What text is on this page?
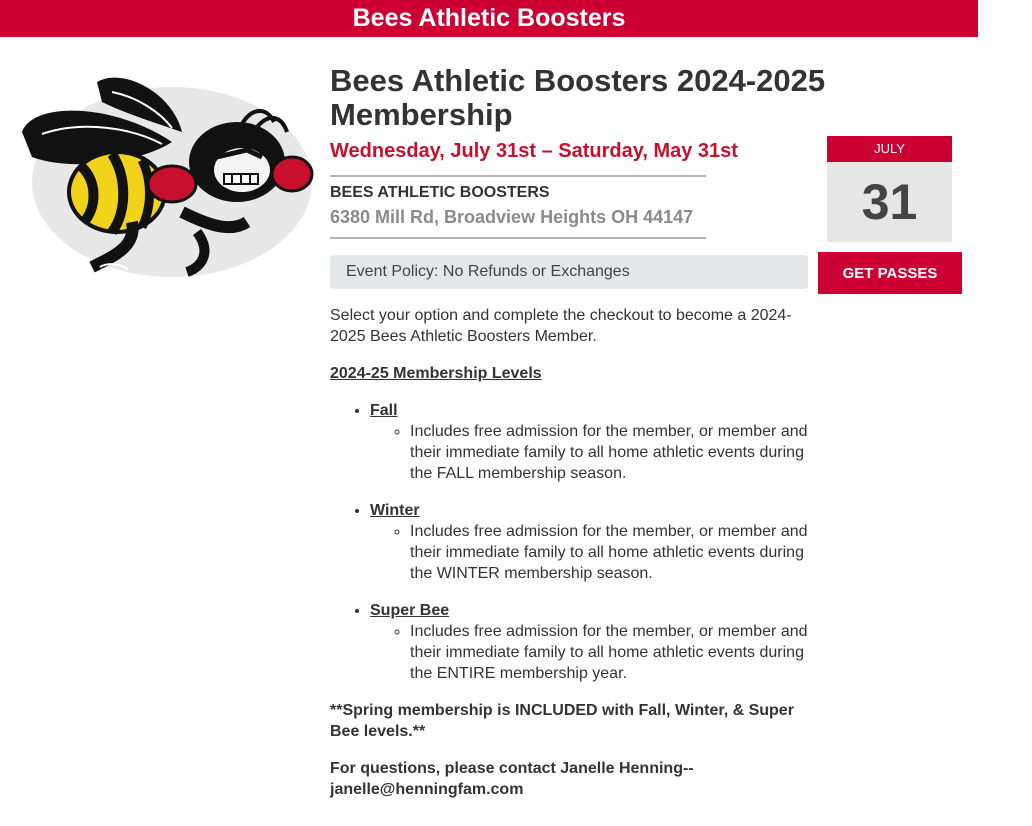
Bees Athletic Boosters
Bees Athletic Boosters 2024-2025 Membership
Wednesday, July 31st – Saturday, May 31st
BEES ATHLETIC BOOSTERS
6380 Mill Rd, Broadview Heights OH 44147
Event Policy: No Refunds or Exchanges
JULY
31
GET PASSES

Select your option and complete the checkout to become a 2024-2025 Bees Athletic Boosters Member.

2024-25 Membership Levels

• Fall
◦ Includes free admission for the member, or member and their immediate family to all home athletic events during the FALL membership season.
• Winter
◦ Includes free admission for the member, or member and their immediate family to all home athletic events during the WINTER membership season.
• Super Bee
◦ Includes free admission for the member, or member and their immediate family to all home athletic events during the ENTIRE membership year.

**Spring membership is INCLUDED with Fall, Winter, & Super Bee levels.**

For questions, please contact Janelle Henning--janelle@henningfam.com
